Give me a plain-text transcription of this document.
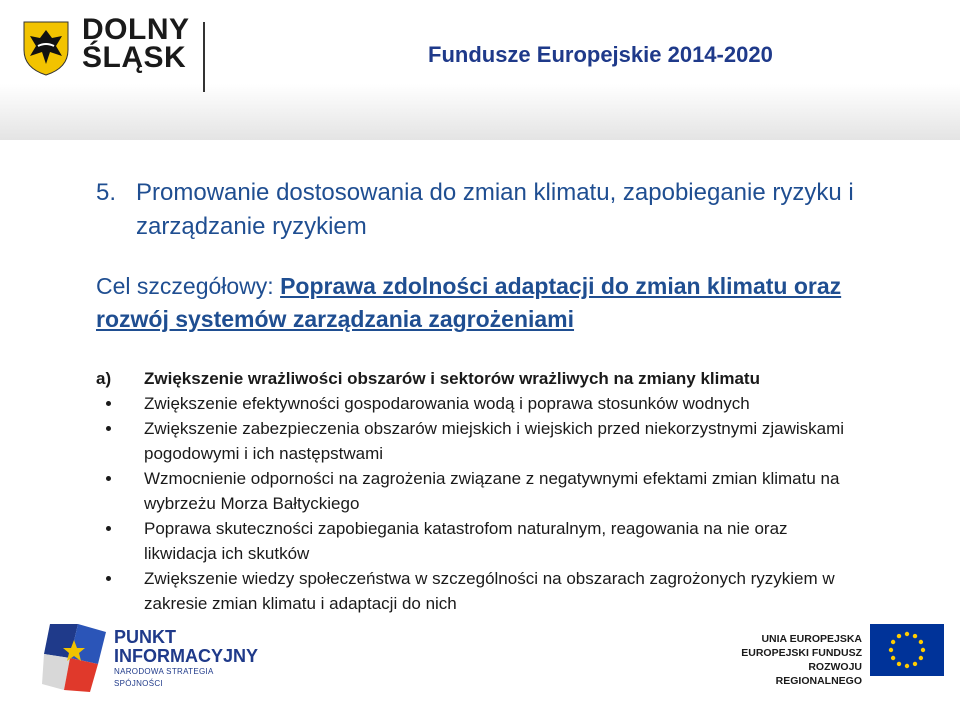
DOLNY
ŚLĄSK	Fundusze Europejskie 2014-2020
5. Promowanie dostosowania do zmian klimatu, zapobieganie ryzyku i zarządzanie ryzykiem
Cel szczegółowy: Poprawa zdolności adaptacji do zmian klimatu oraz rozwój systemów zarządzania zagrożeniami
a)	Zwiększenie wrażliwości obszarów i sektorów wrażliwych na zmiany klimatu
Zwiększenie efektywności gospodarowania wodą i poprawa stosunków wodnych
Zwiększenie zabezpieczenia obszarów miejskich i wiejskich przed niekorzystnymi zjawiskami pogodowymi i ich następstwami
Wzmocnienie odporności na zagrożenia związane z negatywnymi efektami zmian klimatu na wybrzeżu Morza Bałtyckiego
Poprawa skuteczności zapobiegania katastrofom naturalnym, reagowania na nie oraz likwidacja ich skutków
Zwiększenie wiedzy społeczeństwa w szczególności na obszarach zagrożonych ryzykiem w zakresie zmian klimatu i adaptacji do nich
PUNKT
INFORMACYJNY
NARODOWA STRATEGIA SPÓJNOŚCI
UNIA EUROPEJSKA
EUROPEJSKI FUNDUSZ
ROZWOJU REGIONALNEGO
